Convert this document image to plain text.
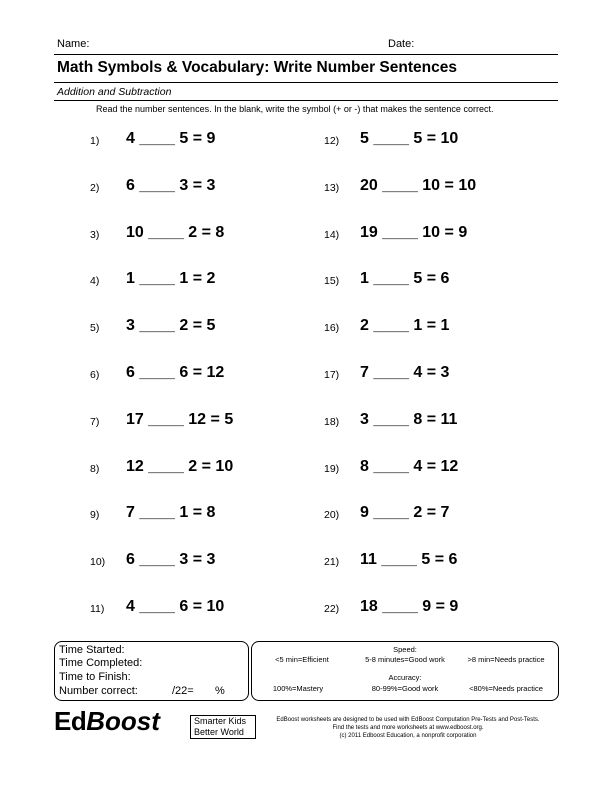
Name:	Date:
Math Symbols & Vocabulary: Write Number Sentences
Addition and Subtraction
Read the number sentences. In the blank, write the symbol (+ or -) that makes the sentence correct.
1)	4 ____ 5 = 9
2)	6 ____ 3 = 3
3)	10 ____ 2 = 8
4)	1 ____ 1 = 2
5)	3 ____ 2 = 5
6)	6 ____ 6 = 12
7)	17 ____ 12 = 5
8)	12 ____ 2 = 10
9)	7 ____ 1 = 8
10)	6 ____ 3 = 3
11)	4 ____ 6 = 10
12)	5 ____ 5 = 10
13)	20 ____ 10 = 10
14)	19 ____ 10 = 9
15)	1 ____ 5 = 6
16)	2 ____ 1 = 1
17)	7 ____ 4 = 3
18)	3 ____ 8 = 11
19)	8 ____ 4 = 12
20)	9 ____ 2 = 7
21)	11 ____ 5 = 6
22)	18 ____ 9 = 9
Time Started:
Time Completed:
Time to Finish:
Number correct:	/22= %
Speed:
<5 min=Efficient	5-8 minutes=Good work	>8 min=Needs practice
Accuracy:
100%=Mastery	80-99%=Good work	<80%=Needs practice
EdBoost	Smarter Kids
Better World
EdBoost worksheets are designed to be used with EdBoost Computation Pre-Tests and Post-Tests.
Find the tests and more worksheets at www.edboost.org.
(c) 2011 Edboost Education, a nonprofit corporation
